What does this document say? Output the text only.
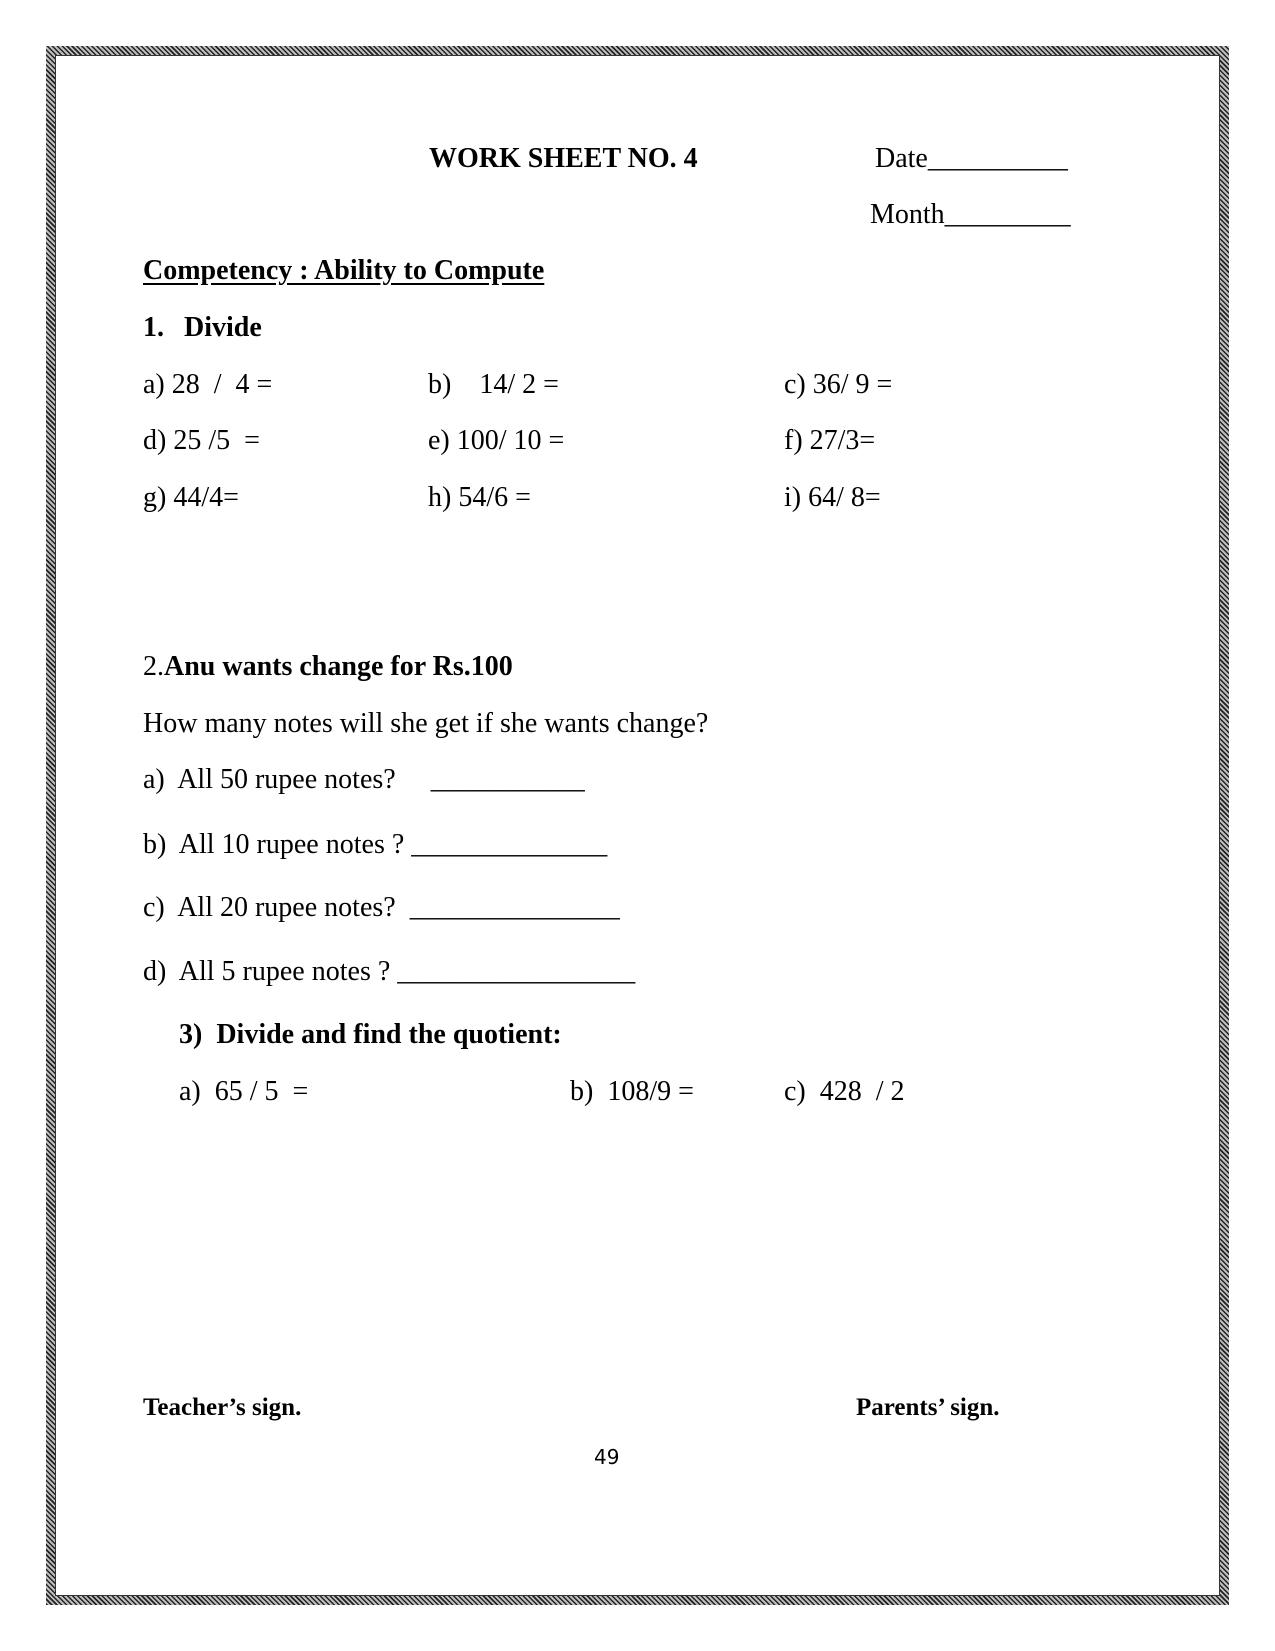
WORK SHEET NO. 4	Date__________
Month_________
Competency : Ability to Compute
1. Divide
a) 28  /  4 =	b)    14/ 2 =	c) 36/ 9 =
d) 25 /5  =	e) 100/ 10 =	f) 27/3=
g) 44/4=	h) 54/6 =	i) 64/ 8=
2. Anu wants change for Rs.100
How many notes will she get if she wants change?
a)  All 50 rupee notes?     ___________
b)  All 10 rupee notes ? ______________
c)  All 20 rupee notes?  _______________
d)  All 5 rupee notes ? _________________
3)  Divide and find the quotient:
a)  65 / 5  =	b)  108/9 =	c)  428  / 2
Teacher’s sign.	Parents’ sign.
49
